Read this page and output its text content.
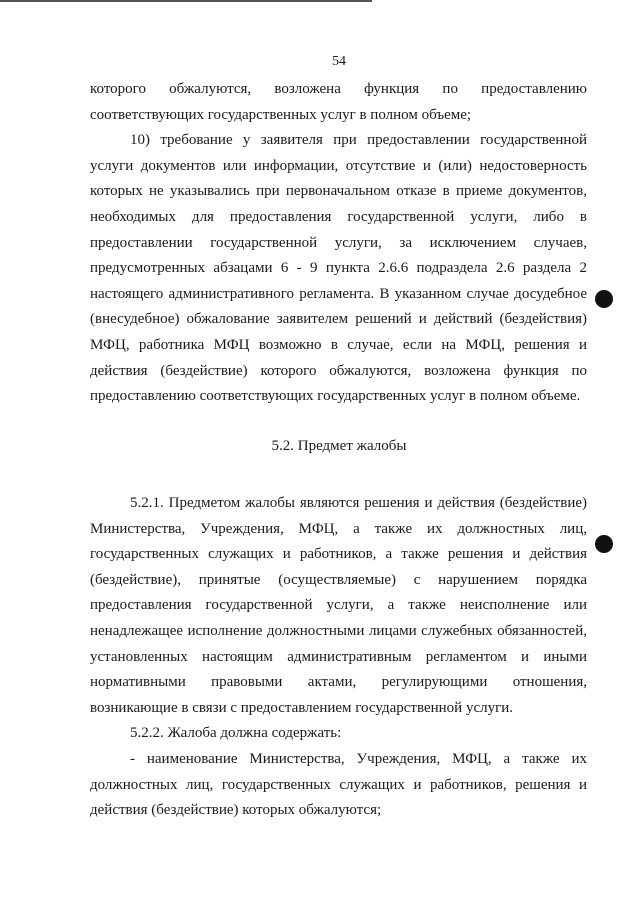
54

которого обжалуются, возложена функция по предоставлению соответствующих государственных услуг в полном объеме;

10) требование у заявителя при предоставлении государственной услуги документов или информации, отсутствие и (или) недостоверность которых не указывались при первоначальном отказе в приеме документов, необходимых для предоставления государственной услуги, либо в предоставлении государственной услуги, за исключением случаев, предусмотренных абзацами 6 - 9 пункта 2.6.6 подраздела 2.6 раздела 2 настоящего административного регламента. В указанном случае досудебное (внесудебное) обжалование заявителем решений и действий (бездействия) МФЦ, работника МФЦ возможно в случае, если на МФЦ, решения и действия (бездействие) которого обжалуются, возложена функция по предоставлению соответствующих государственных услуг в полном объеме.

5.2. Предмет жалобы

5.2.1. Предметом жалобы являются решения и действия (бездействие) Министерства, Учреждения, МФЦ, а также их должностных лиц, государственных служащих и работников, а также решения и действия (бездействие), принятые (осуществляемые) с нарушением порядка предоставления государственной услуги, а также неисполнение или ненадлежащее исполнение должностными лицами служебных обязанностей, установленных настоящим административным регламентом и иными нормативными правовыми актами, регулирующими отношения, возникающие в связи с предоставлением государственной услуги.

5.2.2. Жалоба должна содержать:

- наименование Министерства, Учреждения, МФЦ, а также их должностных лиц, государственных служащих и работников, решения и действия (бездействие) которых обжалуются;
